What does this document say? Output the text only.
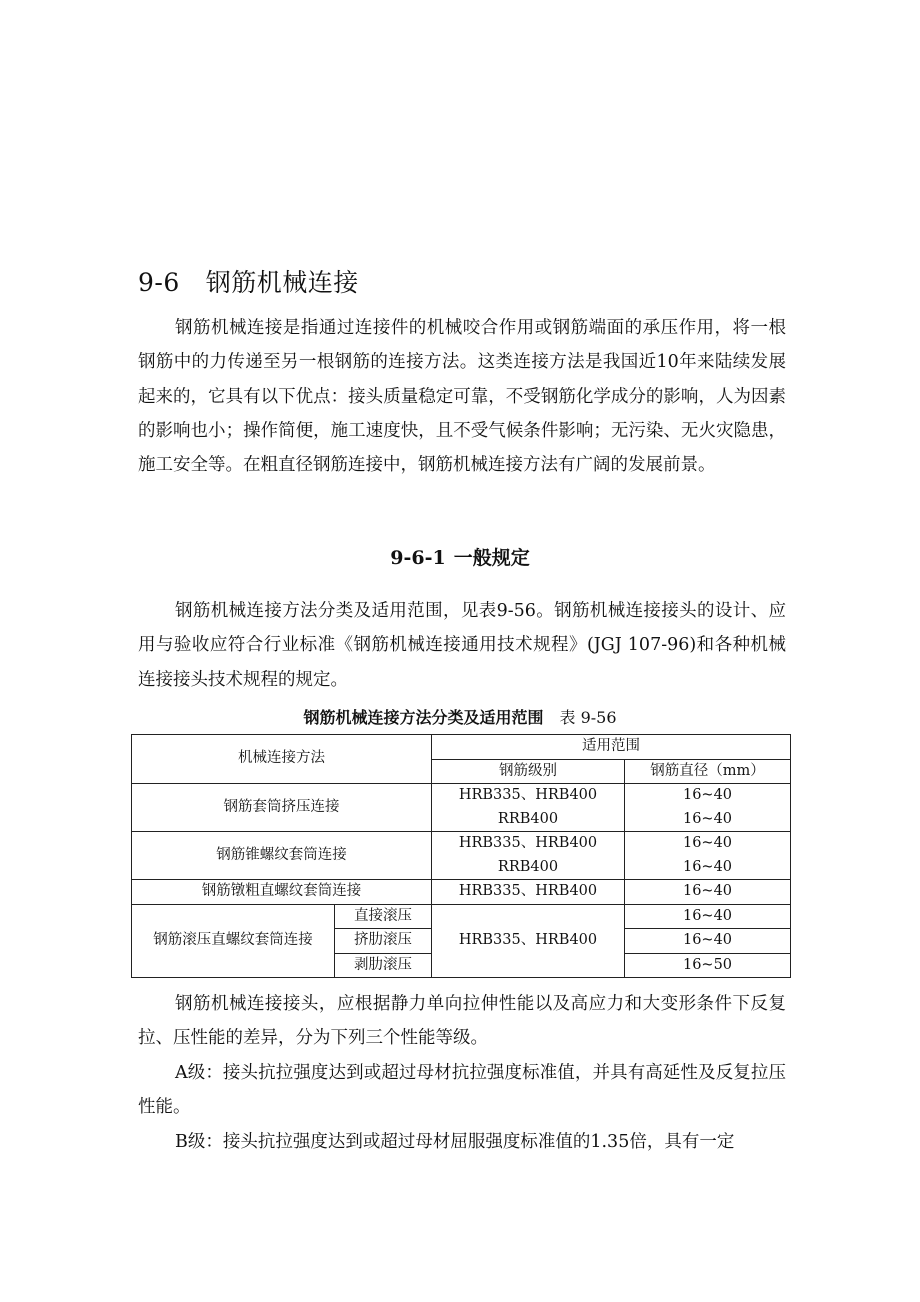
9-6 钢筋机械连接

钢筋机械连接是指通过连接件的机械咬合作用或钢筋端面的承压作用，将一根钢筋中的力传递至另一根钢筋的连接方法。这类连接方法是我国近10年来陆续发展起来的，它具有以下优点：接头质量稳定可靠，不受钢筋化学成分的影响，人为因素的影响也小；操作简便，施工速度快，且不受气候条件影响；无污染、无火灾隐患，施工安全等。在粗直径钢筋连接中，钢筋机械连接方法有广阔的发展前景。

9-6-1 一般规定

钢筋机械连接方法分类及适用范围，见表9-56。钢筋机械连接接头的设计、应用与验收应符合行业标准《钢筋机械连接通用技术规程》(JGJ 107-96)和各种机械连接接头技术规程的规定。

钢筋机械连接方法分类及适用范围 表 9-56
机械连接方法		适用范围	
		钢筋级别	钢筋直径（mm）
钢筋套筒挤压连接		HRB335、HRB400	16~40
		RRB400	16~40
钢筋锥螺纹套筒连接		HRB335、HRB400	16~40
		RRB400	16~40
钢筋镦粗直螺纹套筒连接		HRB335、HRB400	16~40
钢筋滚压直螺纹套筒连接	直接滚压	HRB335、HRB400	16~40
	挤肋滚压		16~40
	剥肋滚压		16~50

钢筋机械连接接头，应根据静力单向拉伸性能以及高应力和大变形条件下反复拉、压性能的差异，分为下列三个性能等级。

A级：接头抗拉强度达到或超过母材抗拉强度标准值，并具有高延性及反复拉压性能。

B级：接头抗拉强度达到或超过母材屈服强度标准值的1.35倍，具有一定
